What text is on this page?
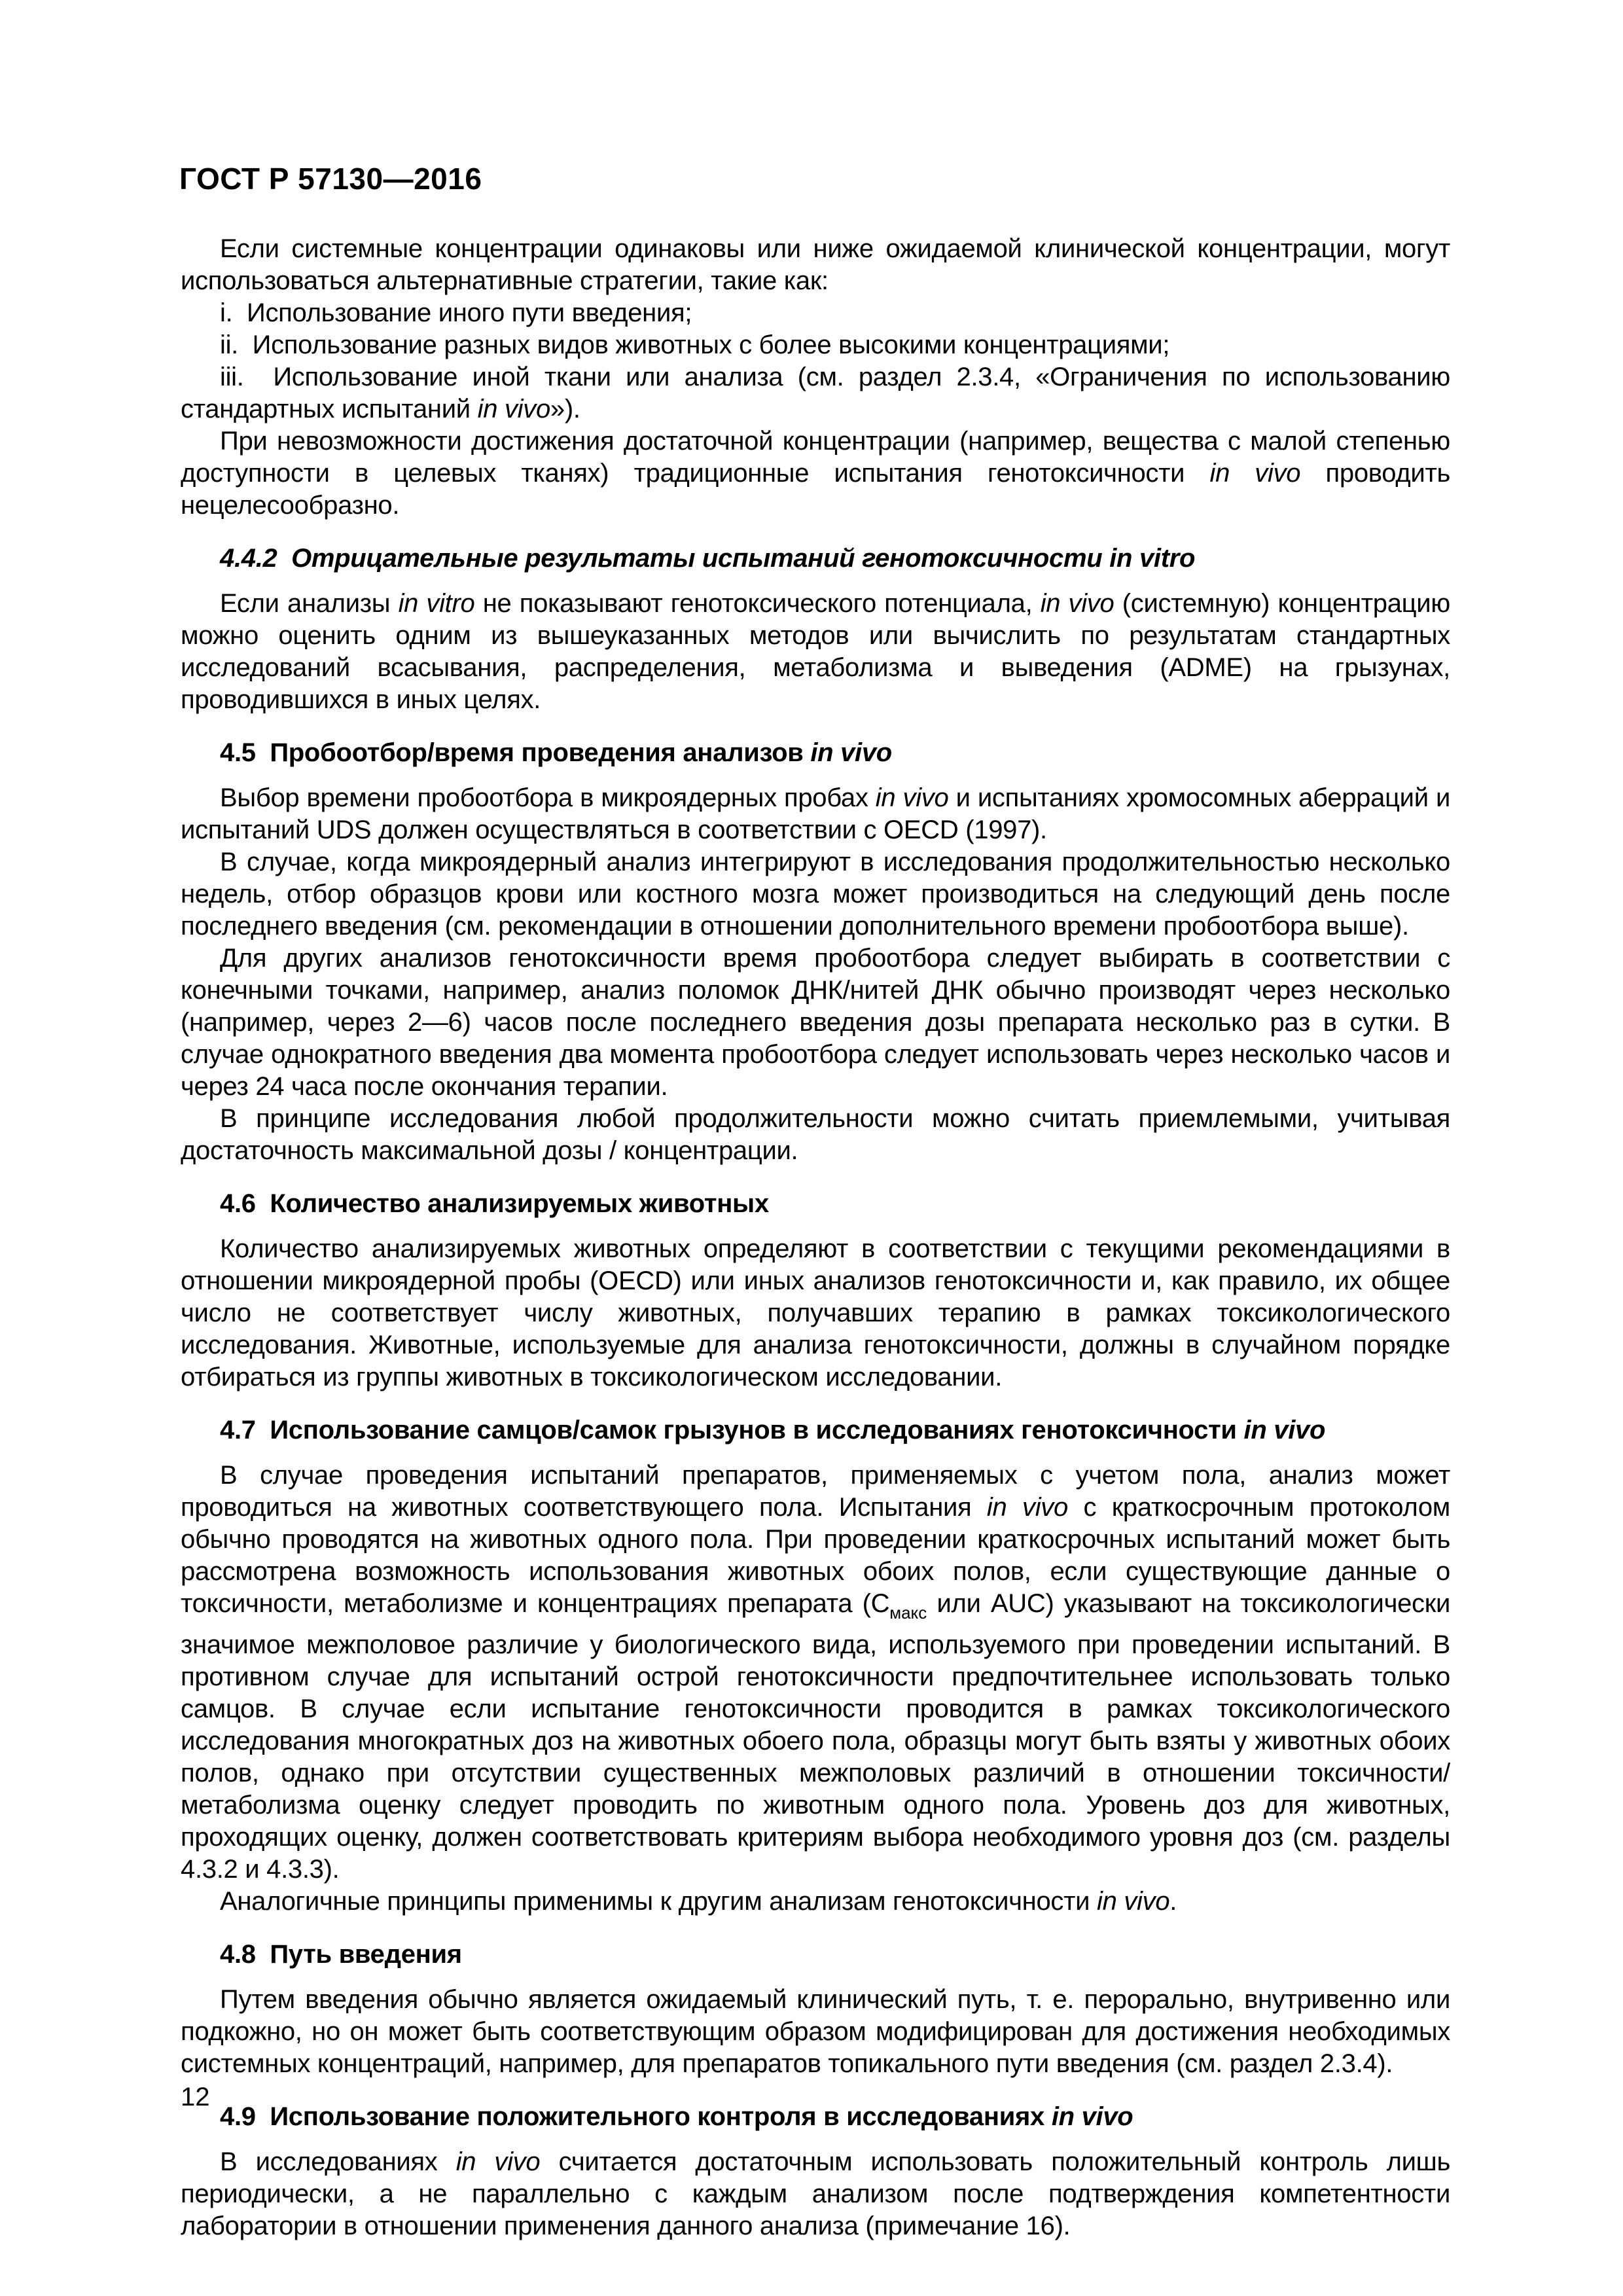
ГОСТ Р 57130—2016

Если системные концентрации одинаковы или ниже ожидаемой клинической концентрации, могут использоваться альтернативные стратегии, такие как:

i.  Использование иного пути введения;

ii.  Использование разных видов животных с более высокими концентрациями;

iii.  Использование иной ткани или анализа (см. раздел 2.3.4, «Ограничения по использованию стандартных испытаний in vivo»).

При невозможности достижения достаточной концентрации (например, вещества с малой степенью доступности в целевых тканях) традиционные испытания генотоксичности in vivo проводить нецелесообразно.

4.4.2  Отрицательные результаты испытаний генотоксичности in vitro

Если анализы in vitro не показывают генотоксического потенциала, in vivo (системную) концентрацию можно оценить одним из вышеуказанных методов или вычислить по результатам стандартных исследований всасывания, распределения, метаболизма и выведения (ADME) на грызунах, проводившихся в иных целях.

4.5  Пробоотбор/время проведения анализов in vivo

Выбор времени пробоотбора в микроядерных пробах in vivo и испытаниях хромосомных аберраций и испытаний UDS должен осуществляться в соответствии с OECD (1997).

В случае, когда микроядерный анализ интегрируют в исследования продолжительностью несколько недель, отбор образцов крови или костного мозга может производиться на следующий день после последнего введения (см. рекомендации в отношении дополнительного времени пробоотбора выше).

Для других анализов генотоксичности время пробоотбора следует выбирать в соответствии с конечными точками, например, анализ поломок ДНК/нитей ДНК обычно производят через несколько (например, через 2—6) часов после последнего введения дозы препарата несколько раз в сутки. В случае однократного введения два момента пробоотбора следует использовать через несколько часов и через 24 часа после окончания терапии.

В принципе исследования любой продолжительности можно считать приемлемыми, учитывая достаточность максимальной дозы / концентрации.

4.6  Количество анализируемых животных

Количество анализируемых животных определяют в соответствии с текущими рекомендациями в отношении микроядерной пробы (OECD) или иных анализов генотоксичности и, как правило, их общее число не соответствует числу животных, получавших терапию в рамках токсикологического исследования. Животные, используемые для анализа генотоксичности, должны в случайном порядке отбираться из группы животных в токсикологическом исследовании.

4.7  Использование самцов/самок грызунов в исследованиях генотоксичности in vivo

В случае проведения испытаний препаратов, применяемых с учетом пола, анализ может проводиться на животных соответствующего пола. Испытания in vivo с краткосрочным протоколом обычно проводятся на животных одного пола. При проведении краткосрочных испытаний может быть рассмотрена возможность использования животных обоих полов, если существующие данные о токсичности, метаболизме и концентрациях препарата ($С_{макс}$ или AUC) указывают на токсикологически значимое межполовое различие у биологического вида, используемого при проведении испытаний. В противном случае для испытаний острой генотоксичности предпочтительнее использовать только самцов. В случае если испытание генотоксичности проводится в рамках токсикологического исследования многократных доз на животных обоего пола, образцы могут быть взяты у животных обоих полов, однако при отсутствии существенных межполовых различий в отношении токсичности/метаболизма оценку следует проводить по животным одного пола. Уровень доз для животных, проходящих оценку, должен соответствовать критериям выбора необходимого уровня доз (см. разделы 4.3.2 и 4.3.3).

Аналогичные принципы применимы к другим анализам генотоксичности in vivo.

4.8  Путь введения

Путем введения обычно является ожидаемый клинический путь, т. е. перорально, внутривенно или подкожно, но он может быть соответствующим образом модифицирован для достижения необходимых системных концентраций, например, для препаратов топикального пути введения (см. раздел 2.3.4).

4.9  Использование положительного контроля в исследованиях in vivo

В исследованиях in vivo считается достаточным использовать положительный контроль лишь периодически, а не параллельно с каждым анализом после подтверждения компетентности лаборатории в отношении применения данного анализа (примечание 16).

12
